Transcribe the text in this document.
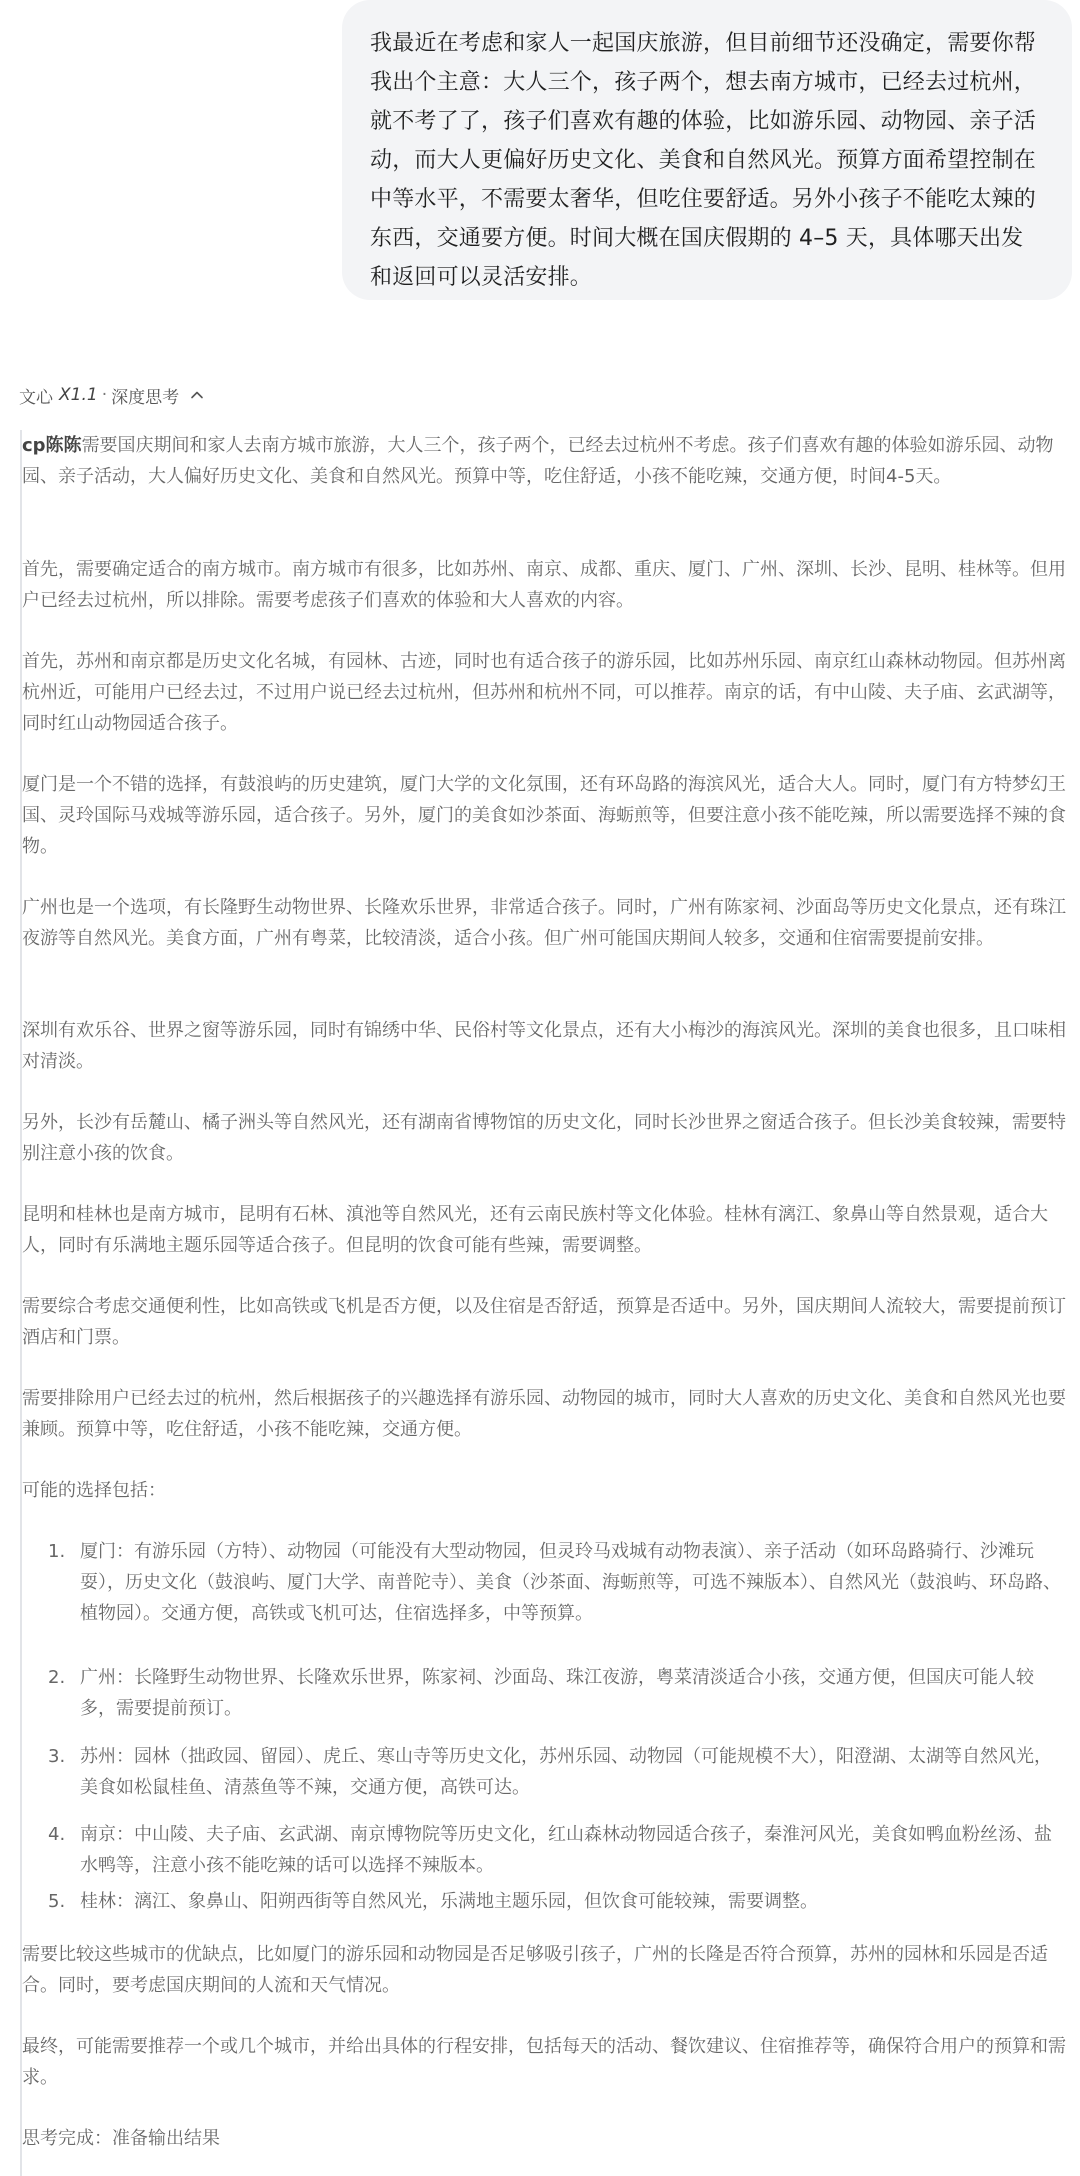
我最近在考虑和家人一起国庆旅游，但目前细节还没确定，需要你帮我出个主意：大人三个，孩子两个，想去南方城市，已经去过杭州，就不考了了，孩子们喜欢有趣的体验，比如游乐园、动物园、亲子活动，而大人更偏好历史文化、美食和自然风光。预算方面希望控制在中等水平，不需要太奢华，但吃住要舒适。另外小孩子不能吃太辣的东西，交通要方便。时间大概在国庆假期的 4–5 天，具体哪天出发和返回可以灵活安排。

文心 X1.1 · 深度思考

cp陈陈需要国庆期间和家人去南方城市旅游，大人三个，孩子两个，已经去过杭州不考虑。孩子们喜欢有趣的体验如游乐园、动物园、亲子活动，大人偏好历史文化、美食和自然风光。预算中等，吃住舒适，小孩不能吃辣，交通方便，时间4-5天。

首先，需要确定适合的南方城市。南方城市有很多，比如苏州、南京、成都、重庆、厦门、广州、深圳、长沙、昆明、桂林等。但用户已经去过杭州，所以排除。需要考虑孩子们喜欢的体验和大人喜欢的内容。

首先，苏州和南京都是历史文化名城，有园林、古迹，同时也有适合孩子的游乐园，比如苏州乐园、南京红山森林动物园。但苏州离杭州近，可能用户已经去过，不过用户说已经去过杭州，但苏州和杭州不同，可以推荐。南京的话，有中山陵、夫子庙、玄武湖等，同时红山动物园适合孩子。

厦门是一个不错的选择，有鼓浪屿的历史建筑，厦门大学的文化氛围，还有环岛路的海滨风光，适合大人。同时，厦门有方特梦幻王国、灵玲国际马戏城等游乐园，适合孩子。另外，厦门的美食如沙茶面、海蛎煎等，但要注意小孩不能吃辣，所以需要选择不辣的食物。

广州也是一个选项，有长隆野生动物世界、长隆欢乐世界，非常适合孩子。同时，广州有陈家祠、沙面岛等历史文化景点，还有珠江夜游等自然风光。美食方面，广州有粤菜，比较清淡，适合小孩。但广州可能国庆期间人较多，交通和住宿需要提前安排。

深圳有欢乐谷、世界之窗等游乐园，同时有锦绣中华、民俗村等文化景点，还有大小梅沙的海滨风光。深圳的美食也很多，且口味相对清淡。

另外，长沙有岳麓山、橘子洲头等自然风光，还有湖南省博物馆的历史文化，同时长沙世界之窗适合孩子。但长沙美食较辣，需要特别注意小孩的饮食。

昆明和桂林也是南方城市，昆明有石林、滇池等自然风光，还有云南民族村等文化体验。桂林有漓江、象鼻山等自然景观，适合大人，同时有乐满地主题乐园等适合孩子。但昆明的饮食可能有些辣，需要调整。

需要综合考虑交通便利性，比如高铁或飞机是否方便，以及住宿是否舒适，预算是否适中。另外，国庆期间人流较大，需要提前预订酒店和门票。

需要排除用户已经去过的杭州，然后根据孩子的兴趣选择有游乐园、动物园的城市，同时大人喜欢的历史文化、美食和自然风光也要兼顾。预算中等，吃住舒适，小孩不能吃辣，交通方便。

可能的选择包括：

1. 厦门：有游乐园（方特）、动物园（可能没有大型动物园，但灵玲马戏城有动物表演）、亲子活动（如环岛路骑行、沙滩玩耍），历史文化（鼓浪屿、厦门大学、南普陀寺）、美食（沙茶面、海蛎煎等，可选不辣版本）、自然风光（鼓浪屿、环岛路、植物园）。交通方便，高铁或飞机可达，住宿选择多，中等预算。
2. 广州：长隆野生动物世界、长隆欢乐世界，陈家祠、沙面岛、珠江夜游，粤菜清淡适合小孩，交通方便，但国庆可能人较多，需要提前预订。
3. 苏州：园林（拙政园、留园）、虎丘、寒山寺等历史文化，苏州乐园、动物园（可能规模不大），阳澄湖、太湖等自然风光，美食如松鼠桂鱼、清蒸鱼等不辣，交通方便，高铁可达。
4. 南京：中山陵、夫子庙、玄武湖、南京博物院等历史文化，红山森林动物园适合孩子，秦淮河风光，美食如鸭血粉丝汤、盐水鸭等，注意小孩不能吃辣的话可以选择不辣版本。
5. 桂林：漓江、象鼻山、阳朔西街等自然风光，乐满地主题乐园，但饮食可能较辣，需要调整。

需要比较这些城市的优缺点，比如厦门的游乐园和动物园是否足够吸引孩子，广州的长隆是否符合预算，苏州的园林和乐园是否适合。同时，要考虑国庆期间的人流和天气情况。

最终，可能需要推荐一个或几个城市，并给出具体的行程安排，包括每天的活动、餐饮建议、住宿推荐等，确保符合用户的预算和需求。

思考完成：准备输出结果
